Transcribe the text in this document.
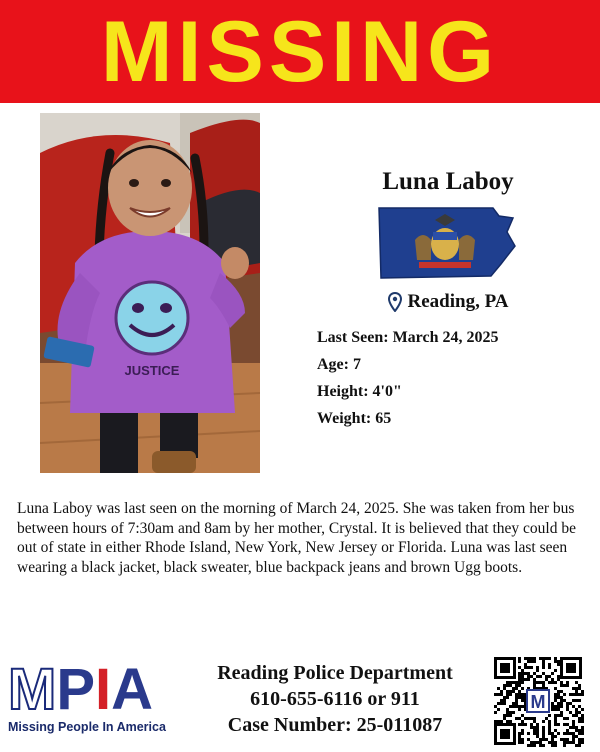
MISSING
JUSTICE
Luna Laboy
Reading, PA
Last Seen: March 24, 2025
Age: 7
Height: 4'0"
Weight: 65
Luna Laboy was last seen on the morning of March 24, 2025. She was taken from her bus between hours of 7:30am and 8am by her mother, Crystal. It is believed that they could be out of state in either Rhode Island, New York, New Jersey or Florida. Luna was last seen wearing a black jacket, black sweater, blue backpack jeans and brown Ugg boots.
M P I A
Missing People In America
Reading Police Department
610-655-6116 or 911
Case Number: 25-011087
M
